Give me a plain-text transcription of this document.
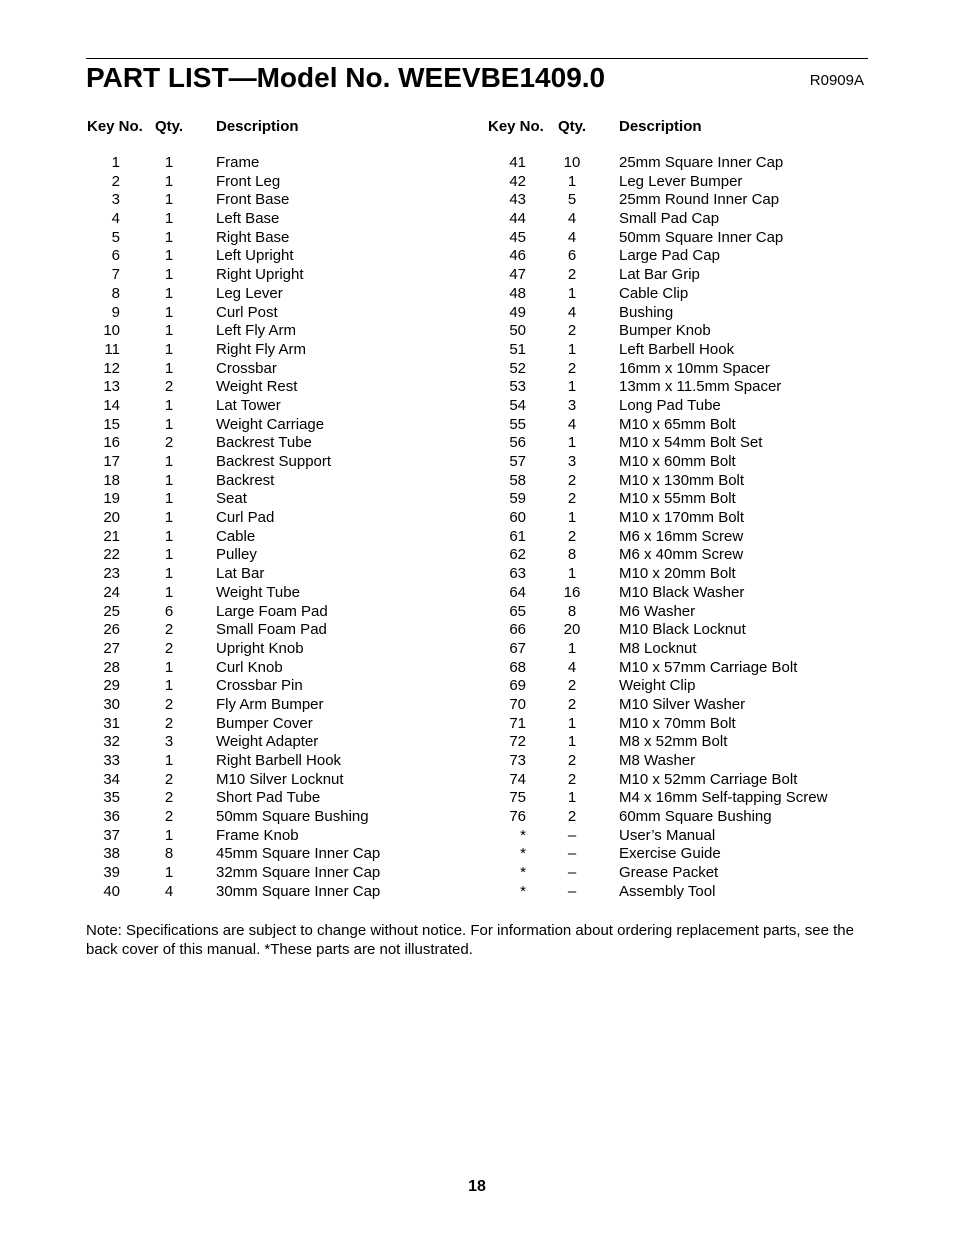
PART LIST—Model No. WEEVBE1409.0	R0909A
Key No. Qty. Description	Key No. Qty. Description
1	1	Frame
2	1	Front Leg
3	1	Front Base
4	1	Left Base
5	1	Right Base
6	1	Left Upright
7	1	Right Upright
8	1	Leg Lever
9	1	Curl Post
10	1	Left Fly Arm
11	1	Right Fly Arm
12	1	Crossbar
13	2	Weight Rest
14	1	Lat Tower
15	1	Weight Carriage
16	2	Backrest Tube
17	1	Backrest Support
18	1	Backrest
19	1	Seat
20	1	Curl Pad
21	1	Cable
22	1	Pulley
23	1	Lat Bar
24	1	Weight Tube
25	6	Large Foam Pad
26	2	Small Foam Pad
27	2	Upright Knob
28	1	Curl Knob
29	1	Crossbar Pin
30	2	Fly Arm Bumper
31	2	Bumper Cover
32	3	Weight Adapter
33	1	Right Barbell Hook
34	2	M10 Silver Locknut
35	2	Short Pad Tube
36	2	50mm Square Bushing
37	1	Frame Knob
38	8	45mm Square Inner Cap
39	1	32mm Square Inner Cap
40	4	30mm Square Inner Cap
41	10	25mm Square Inner Cap
42	1	Leg Lever Bumper
43	5	25mm Round Inner Cap
44	4	Small Pad Cap
45	4	50mm Square Inner Cap
46	6	Large Pad Cap
47	2	Lat Bar Grip
48	1	Cable Clip
49	4	Bushing
50	2	Bumper Knob
51	1	Left Barbell Hook
52	2	16mm x 10mm Spacer
53	1	13mm x 11.5mm Spacer
54	3	Long Pad Tube
55	4	M10 x 65mm Bolt
56	1	M10 x 54mm Bolt Set
57	3	M10 x 60mm Bolt
58	2	M10 x 130mm Bolt
59	2	M10 x 55mm Bolt
60	1	M10 x 170mm Bolt
61	2	M6 x 16mm Screw
62	8	M6 x 40mm Screw
63	1	M10 x 20mm Bolt
64	16	M10 Black Washer
65	8	M6 Washer
66	20	M10 Black Locknut
67	1	M8 Locknut
68	4	M10 x 57mm Carriage Bolt
69	2	Weight Clip
70	2	M10 Silver Washer
71	1	M10 x 70mm Bolt
72	1	M8 x 52mm Bolt
73	2	M8 Washer
74	2	M10 x 52mm Carriage Bolt
75	1	M4 x 16mm Self-tapping Screw
76	2	60mm Square Bushing
*	–	User’s Manual
*	–	Exercise Guide
*	–	Grease Packet
*	–	Assembly Tool
Note: Specifications are subject to change without notice. For information about ordering replacement parts, see the back cover of this manual. *These parts are not illustrated.
18
